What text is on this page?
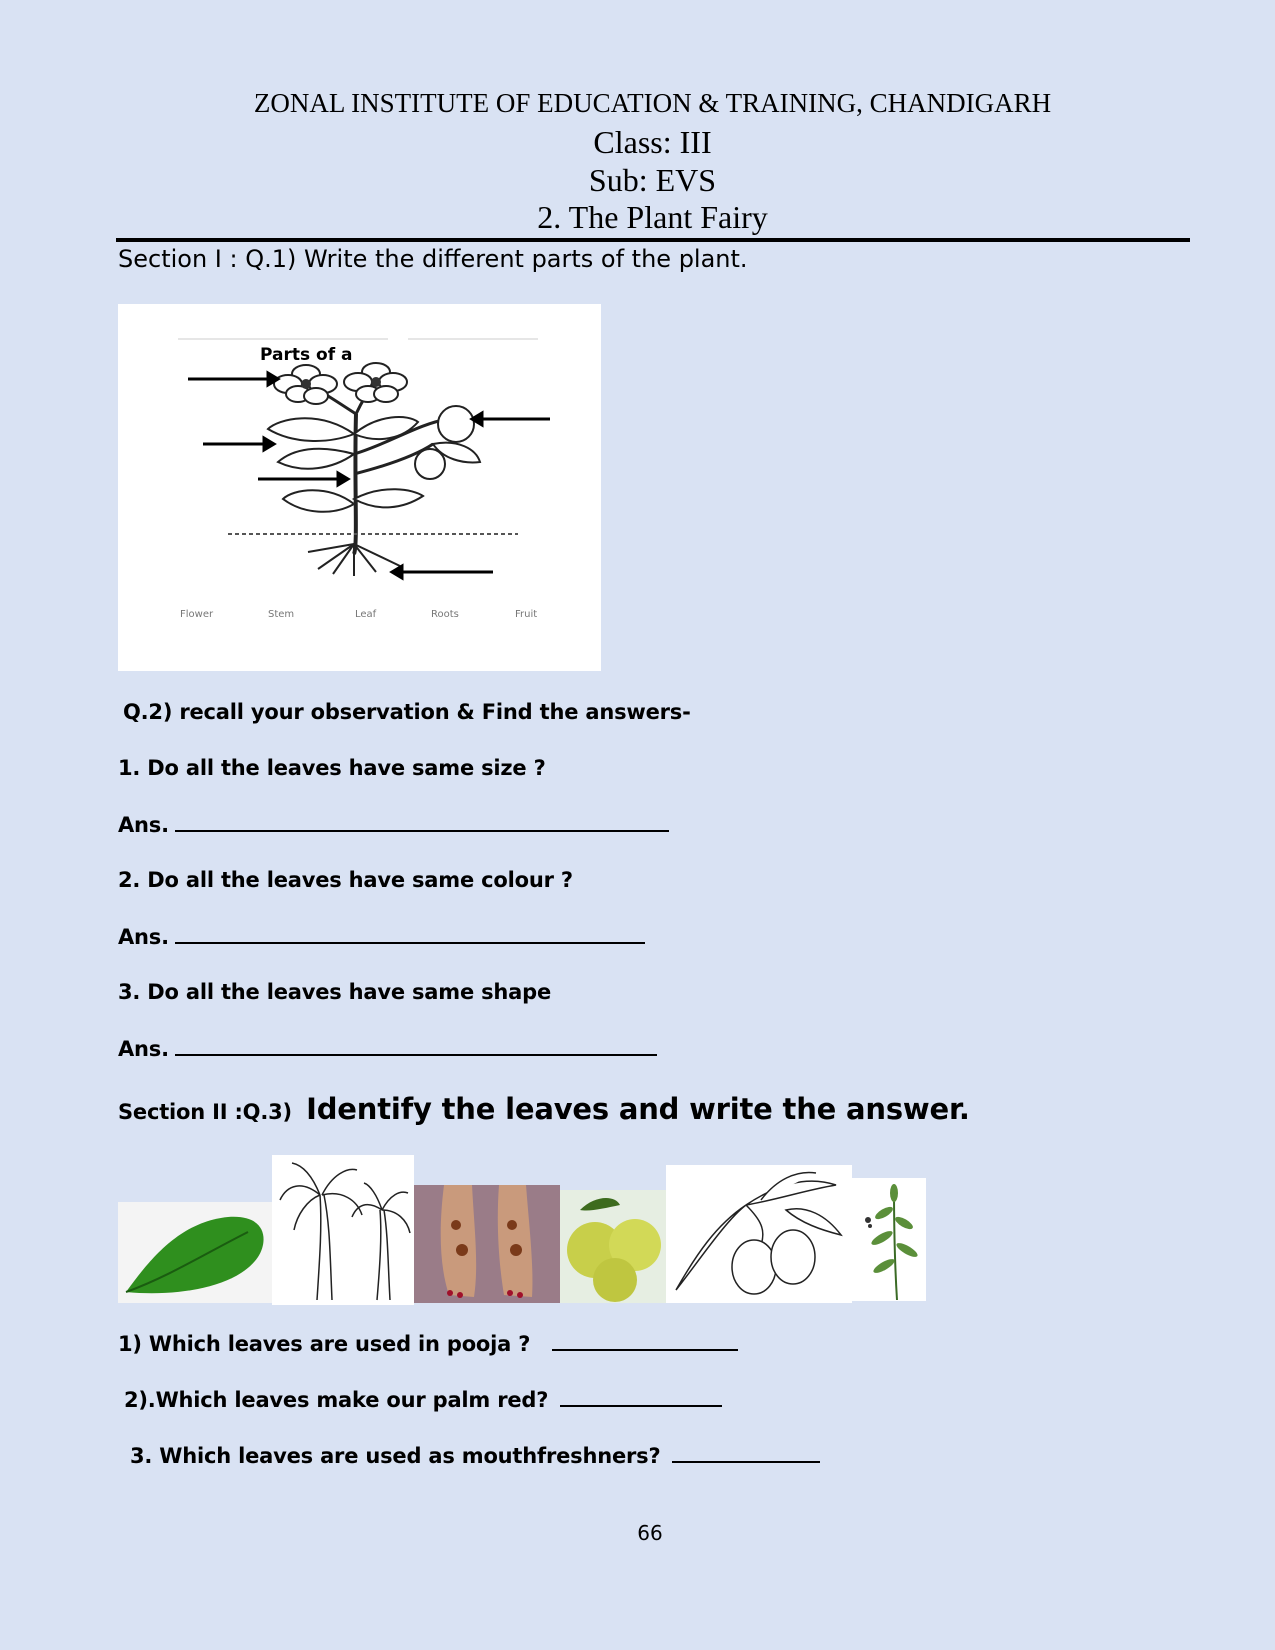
ZONAL INSTITUTE OF EDUCATION & TRAINING, CHANDIGARH
Class: III
Sub: EVS
2. The Plant Fairy
Section I : Q.1) Write the different parts of the plant.
Parts of a
Flower	Stem	Leaf	Roots	Fruit
Q.2) recall your observation & Find the answers-
1. Do all the leaves have same size ?
Ans.
2. Do all the leaves have same colour ?
Ans.
3. Do all the leaves have same shape
Ans.
Section II :Q.3) Identify the leaves and write the answer.
1) Which leaves are used in pooja ?
2).Which leaves make our palm red?
3. Which leaves are used as mouthfreshners?
66
